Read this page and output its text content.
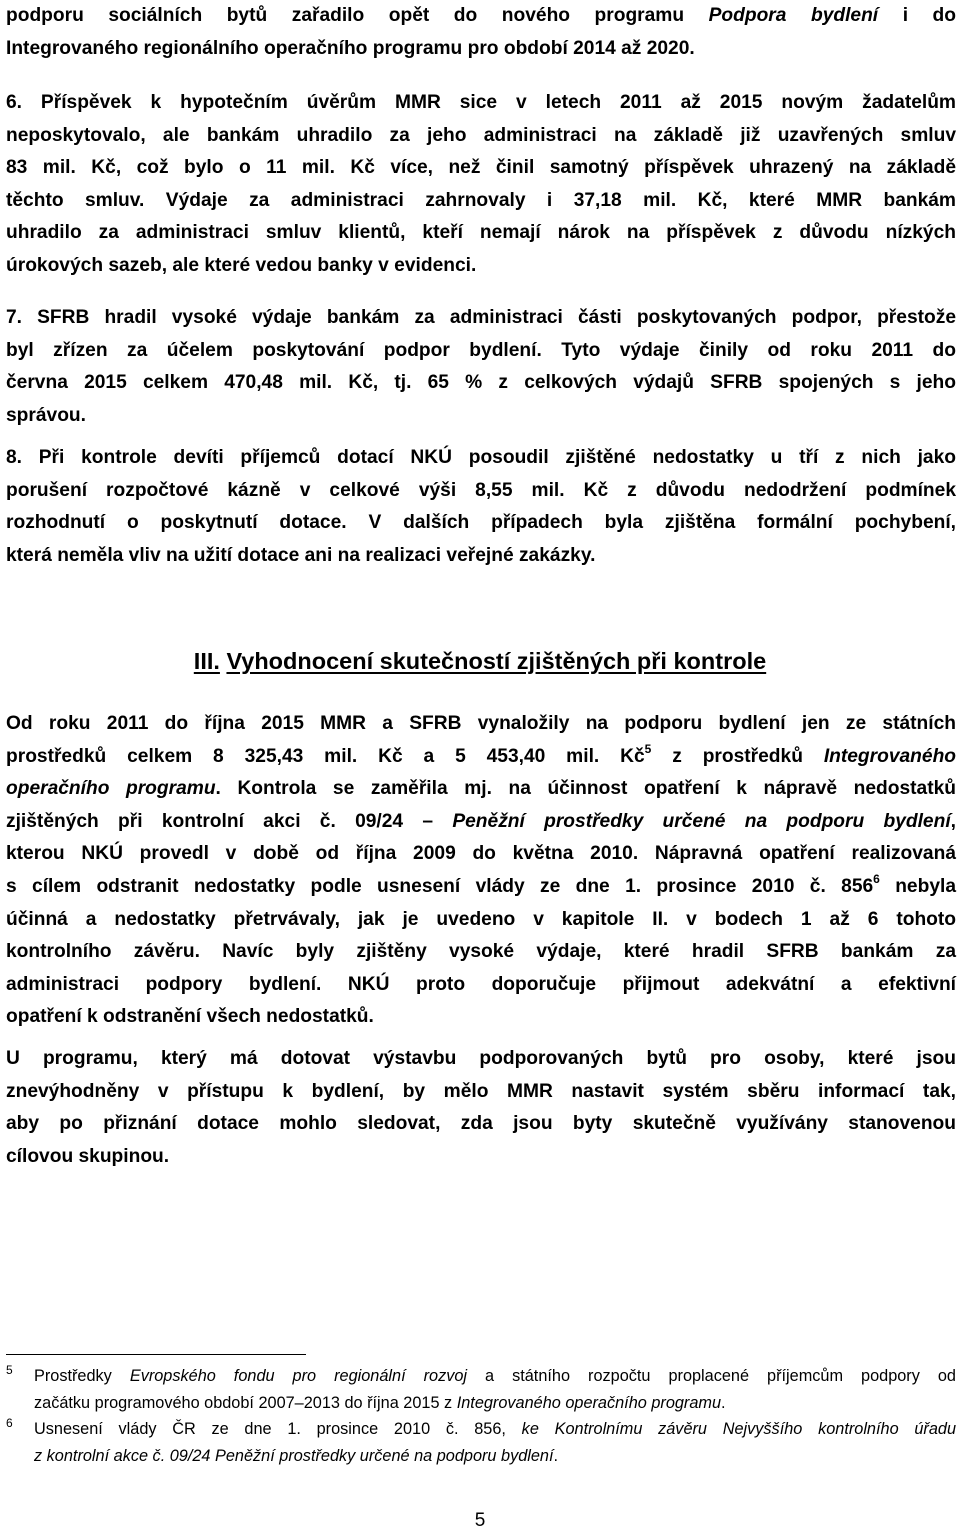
podporu sociálních bytů zařadilo opět do nového programu Podpora bydlení i do
Integrovaného regionálního operačního programu pro období 2014 až 2020.
6. Příspěvek k hypotečním úvěrům MMR sice v letech 2011 až 2015 novým žadatelům
neposkytovalo, ale bankám uhradilo za jeho administraci na základě již uzavřených smluv
83 mil. Kč, což bylo o 11 mil. Kč více, než činil samotný příspěvek uhrazený na základě
těchto smluv. Výdaje za administraci zahrnovaly i 37,18 mil. Kč, které MMR bankám
uhradilo za administraci smluv klientů, kteří nemají nárok na příspěvek z důvodu nízkých
úrokových sazeb, ale které vedou banky v evidenci.
7. SFRB hradil vysoké výdaje bankám za administraci části poskytovaných podpor, přestože
byl zřízen za účelem poskytování podpor bydlení. Tyto výdaje činily od roku 2011 do
června 2015 celkem 470,48 mil. Kč, tj. 65 % z celkových výdajů SFRB spojených s jeho
správou.
8. Při kontrole devíti příjemců dotací NKÚ posoudil zjištěné nedostatky u tří z nich jako
porušení rozpočtové kázně v celkové výši 8,55 mil. Kč z důvodu nedodržení podmínek
rozhodnutí o poskytnutí dotace. V dalších případech byla zjištěna formální pochybení,
která neměla vliv na užití dotace ani na realizaci veřejné zakázky.
III. Vyhodnocení skutečností zjištěných při kontrole
Od roku 2011 do října 2015 MMR a SFRB vynaložily na podporu bydlení jen ze státních
prostředků celkem 8 325,43 mil. Kč a 5 453,40 mil. $Kč^5$ z prostředků Integrovaného
operačního programu. Kontrola se zaměřila mj. na účinnost opatření k nápravě nedostatků
zjištěných při kontrolní akci č. 09/24 – Peněžní prostředky určené na podporu bydlení,
kterou NKÚ provedl v době od října 2009 do května 2010. Nápravná opatření realizovaná
s cílem odstranit nedostatky podle usnesení vlády ze dne 1. prosince 2010 č. $856^6$ nebyla
účinná a nedostatky přetrvávaly, jak je uvedeno v kapitole II. v bodech 1 až 6 tohoto
kontrolního závěru. Navíc byly zjištěny vysoké výdaje, které hradil SFRB bankám za
administraci podpory bydlení. NKÚ proto doporučuje přijmout adekvátní a efektivní
opatření k odstranění všech nedostatků.
U programu, který má dotovat výstavbu podporovaných bytů pro osoby, které jsou
znevýhodněny v přístupu k bydlení, by mělo MMR nastavit systém sběru informací tak,
aby po přiznání dotace mohlo sledovat, zda jsou byty skutečně využívány stanovenou
cílovou skupinou.
5 Prostředky Evropského fondu pro regionální rozvoj a státního rozpočtu proplacené příjemcům podpory od
začátku programového období 2007–2013 do října 2015 z Integrovaného operačního programu.
6 Usnesení vlády ČR ze dne 1. prosince 2010 č. 856, ke Kontrolnímu závěru Nejvyššího kontrolního úřadu
z kontrolní akce č. 09/24 Peněžní prostředky určené na podporu bydlení.
5
